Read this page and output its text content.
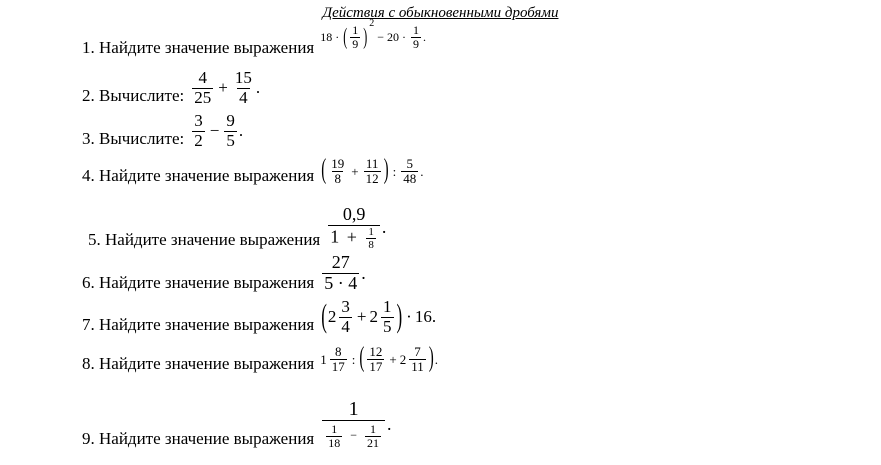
Действия с обыкновенными дробями
1. Найдите значение выражения
18 · ( $\frac{1}{9}$ ) 2
− $20 \cdot \frac{1}{9}$ .
2. Вычислите: $\frac{4}{25} + \frac{15}{4}$ .
3. Вычислите: $\frac{3}{2} - \frac{9}{5}$ .
4. Найдите значение выражения ( $\frac{19}{8} + \frac{11}{12}$ ) : $\frac{5}{48}$ .
5. Найдите значение выражения $\frac{0,9}{1 + \frac{1}{8}}$ .
6. Найдите значение выражения $\frac{27}{5 \cdot 4}$ .
7. Найдите значение выражения ( $2 \frac{3}{4} + 2 \frac{1}{5}$ ) · 16 .
8. Найдите значение выражения $1 \frac{8}{17}$ : ( $\frac{12}{17} + 2 \frac{7}{11}$ ) .
9. Найдите значение выражения
1
$\frac{1}{18} - \frac{1}{21}$ .
